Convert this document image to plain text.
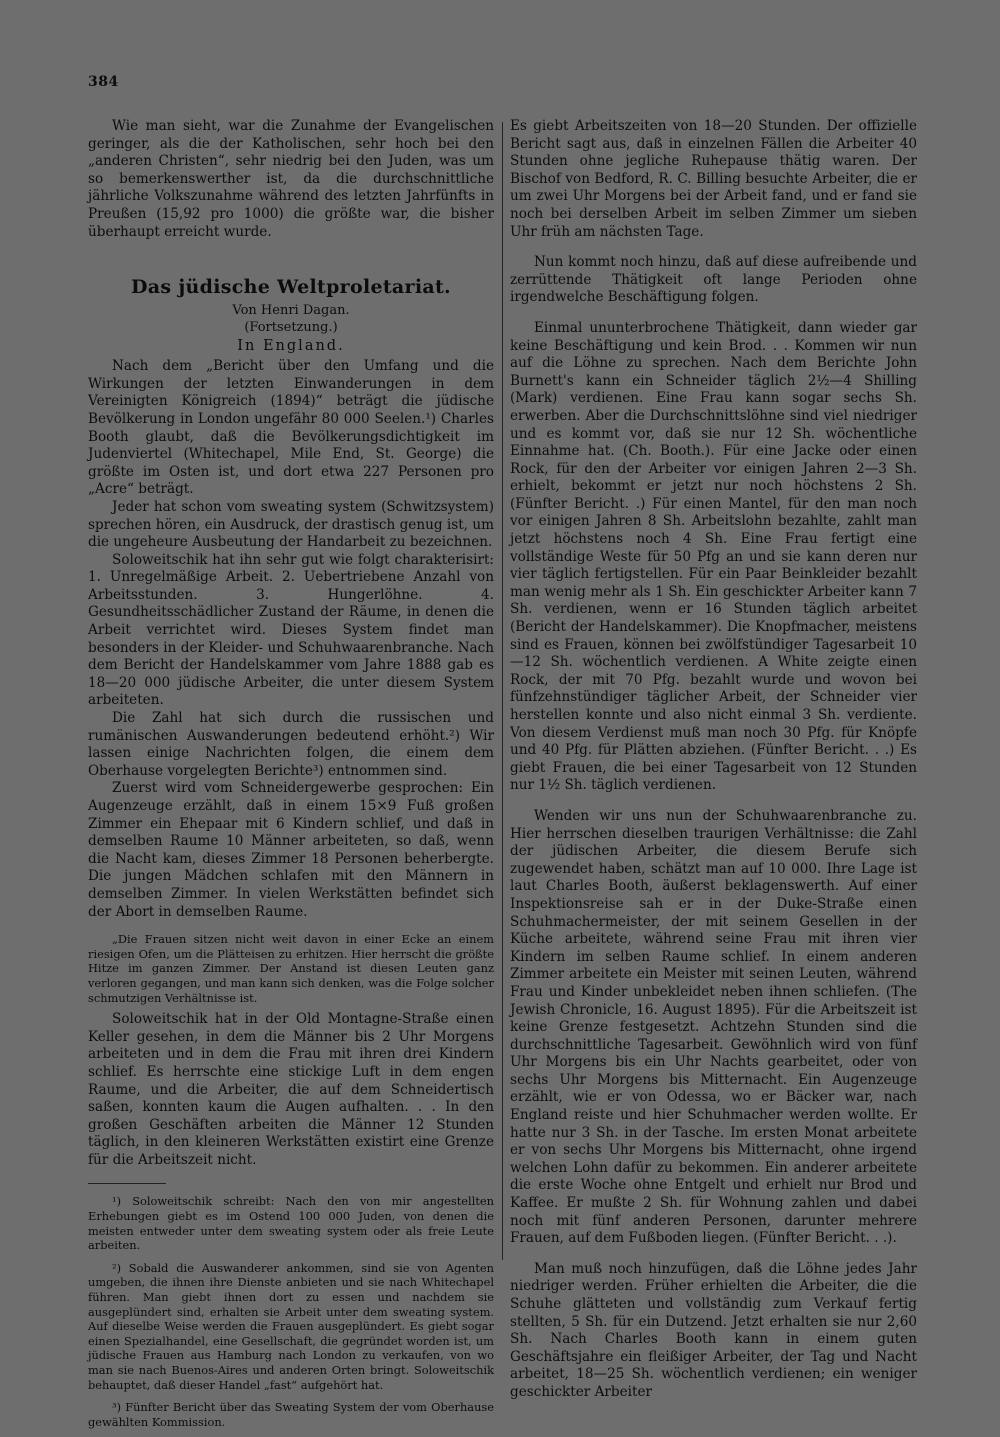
384

Wie man sieht, war die Zunahme der Evangelischen geringer, als die der Katholischen, sehr hoch bei den „anderen Christen“, sehr niedrig bei den Juden, was um so bemerkenswerther ist, da die durchschnittliche jährliche Volkszunahme während des letzten Jahrfünfts in Preußen (15,92 pro 1000) die größte war, die bisher überhaupt erreicht wurde.

Das jüdische Weltproletariat.
Von Henri Dagan.
(Fortsetzung.)
In England.

Nach dem „Bericht über den Umfang und die Wirkungen der letzten Einwanderungen in dem Vereinigten Königreich (1894)“ beträgt die jüdische Bevölkerung in London ungefähr 80 000 Seelen.¹) Charles Booth glaubt, daß die Bevölkerungsdichtigkeit im Judenviertel (Whitechapel, Mile End, St. George) die größte im Osten ist, und dort etwa 227 Personen pro „Acre“ beträgt.

Jeder hat schon vom sweating system (Schwitzsystem) sprechen hören, ein Ausdruck, der drastisch genug ist, um die ungeheure Ausbeutung der Handarbeit zu bezeichnen.

Soloweitschik hat ihn sehr gut wie folgt charakterisirt: 1. Unregelmäßige Arbeit. 2. Uebertriebene Anzahl von Arbeitsstunden. 3. Hungerlöhne. 4. Gesundheitsschädlicher Zustand der Räume, in denen die Arbeit verrichtet wird. Dieses System findet man besonders in der Kleider- und Schuhwaarenbranche. Nach dem Bericht der Handelskammer vom Jahre 1888 gab es 18—20 000 jüdische Arbeiter, die unter diesem System arbeiteten.

Die Zahl hat sich durch die russischen und rumänischen Auswanderungen bedeutend erhöht.²) Wir lassen einige Nachrichten folgen, die einem dem Oberhause vorgelegten Berichte³) entnommen sind.

Zuerst wird vom Schneidergewerbe gesprochen: Ein Augenzeuge erzählt, daß in einem 15×9 Fuß großen Zimmer ein Ehepaar mit 6 Kindern schlief, und daß in demselben Raume 10 Männer arbeiteten, so daß, wenn die Nacht kam, dieses Zimmer 18 Personen beherbergte. Die jungen Mädchen schlafen mit den Männern in demselben Zimmer. In vielen Werkstätten befindet sich der Abort in demselben Raume.

„Die Frauen sitzen nicht weit davon in einer Ecke an einem riesigen Ofen, um die Plätteisen zu erhitzen. Hier herrscht die größte Hitze im ganzen Zimmer. Der Anstand ist diesen Leuten ganz verloren gegangen, und man kann sich denken, was die Folge solcher schmutzigen Verhältnisse ist.

Soloweitschik hat in der Old Montagne-Straße einen Keller gesehen, in dem die Männer bis 2 Uhr Morgens arbeiteten und in dem die Frau mit ihren drei Kindern schlief. Es herrschte eine stickige Luft in dem engen Raume, und die Arbeiter, die auf dem Schneidertisch saßen, konnten kaum die Augen aufhalten. . . In den großen Geschäften arbeiten die Männer 12 Stunden täglich, in den kleineren Werkstätten existirt eine Grenze für die Arbeitszeit nicht.

¹) Soloweitschik schreibt: Nach den von mir angestellten Erhebungen giebt es im Ostend 100 000 Juden, von denen die meisten entweder unter dem sweating system oder als freie Leute arbeiten.

²) Sobald die Auswanderer ankommen, sind sie von Agenten umgeben, die ihnen ihre Dienste anbieten und sie nach Whitechapel führen. Man giebt ihnen dort zu essen und nachdem sie ausgeplündert sind, erhalten sie Arbeit unter dem sweating system. Auf dieselbe Weise werden die Frauen ausgeplündert. Es giebt sogar einen Spezialhandel, eine Gesellschaft, die gegründet worden ist, um jüdische Frauen aus Hamburg nach London zu verkaufen, von wo man sie nach Buenos-Aires und anderen Orten bringt. Soloweitschik behauptet, daß dieser Handel „fast“ aufgehört hat.

³) Fünfter Bericht über das Sweating System der vom Oberhause gewählten Kommission.

Es giebt Arbeitszeiten von 18—20 Stunden. Der offizielle Bericht sagt aus, daß in einzelnen Fällen die Arbeiter 40 Stunden ohne jegliche Ruhepause thätig waren. Der Bischof von Bedford, R. C. Billing besuchte Arbeiter, die er um zwei Uhr Morgens bei der Arbeit fand, und er fand sie noch bei derselben Arbeit im selben Zimmer um sieben Uhr früh am nächsten Tage.

Nun kommt noch hinzu, daß auf diese aufreibende und zerrüttende Thätigkeit oft lange Perioden ohne irgendwelche Beschäftigung folgen.

Einmal ununterbrochene Thätigkeit, dann wieder gar keine Beschäftigung und kein Brod. . . Kommen wir nun auf die Löhne zu sprechen. Nach dem Berichte John Burnett's kann ein Schneider täglich 2½—4 Shilling (Mark) verdienen. Eine Frau kann sogar sechs Sh. erwerben. Aber die Durchschnittslöhne sind viel niedriger und es kommt vor, daß sie nur 12 Sh. wöchentliche Einnahme hat. (Ch. Booth.). Für eine Jacke oder einen Rock, für den der Arbeiter vor einigen Jahren 2—3 Sh. erhielt, bekommt er jetzt nur noch höchstens 2 Sh. (Fünfter Bericht. .) Für einen Mantel, für den man noch vor einigen Jahren 8 Sh. Arbeitslohn bezahlte, zahlt man jetzt höchstens noch 4 Sh. Eine Frau fertigt eine vollständige Weste für 50 Pfg an und sie kann deren nur vier täglich fertigstellen. Für ein Paar Beinkleider bezahlt man wenig mehr als 1 Sh. Ein geschickter Arbeiter kann 7 Sh. verdienen, wenn er 16 Stunden täglich arbeitet (Bericht der Handelskammer). Die Knopfmacher, meistens sind es Frauen, können bei zwölfstündiger Tagesarbeit 10—12 Sh. wöchentlich verdienen. A White zeigte einen Rock, der mit 70 Pfg. bezahlt wurde und wovon bei fünfzehnstündiger täglicher Arbeit, der Schneider vier herstellen konnte und also nicht einmal 3 Sh. verdiente. Von diesem Verdienst muß man noch 30 Pfg. für Knöpfe und 40 Pfg. für Plätten abziehen. (Fünfter Bericht. . .) Es giebt Frauen, die bei einer Tagesarbeit von 12 Stunden nur 1½ Sh. täglich verdienen.

Wenden wir uns nun der Schuhwaarenbranche zu. Hier herrschen dieselben traurigen Verhältnisse: die Zahl der jüdischen Arbeiter, die diesem Berufe sich zugewendet haben, schätzt man auf 10 000. Ihre Lage ist laut Charles Booth, äußerst beklagenswerth. Auf einer Inspektionsreise sah er in der Duke-Straße einen Schuhmachermeister, der mit seinem Gesellen in der Küche arbeitete, während seine Frau mit ihren vier Kindern im selben Raume schlief. In einem anderen Zimmer arbeitete ein Meister mit seinen Leuten, während Frau und Kinder unbekleidet neben ihnen schliefen. (The Jewish Chronicle, 16. August 1895). Für die Arbeitszeit ist keine Grenze festgesetzt. Achtzehn Stunden sind die durchschnittliche Tagesarbeit. Gewöhnlich wird von fünf Uhr Morgens bis ein Uhr Nachts gearbeitet, oder von sechs Uhr Morgens bis Mitternacht. Ein Augenzeuge erzählt, wie er von Odessa, wo er Bäcker war, nach England reiste und hier Schuhmacher werden wollte. Er hatte nur 3 Sh. in der Tasche. Im ersten Monat arbeitete er von sechs Uhr Morgens bis Mitternacht, ohne irgend welchen Lohn dafür zu bekommen. Ein anderer arbeitete die erste Woche ohne Entgelt und erhielt nur Brod und Kaffee. Er mußte 2 Sh. für Wohnung zahlen und dabei noch mit fünf anderen Personen, darunter mehrere Frauen, auf dem Fußboden liegen. (Fünfter Bericht. . .).

Man muß noch hinzufügen, daß die Löhne jedes Jahr niedriger werden. Früher erhielten die Arbeiter, die die Schuhe glätteten und vollständig zum Verkauf fertig stellten, 5 Sh. für ein Dutzend. Jetzt erhalten sie nur 2,60 Sh. Nach Charles Booth kann in einem guten Geschäftsjahre ein fleißiger Arbeiter, der Tag und Nacht arbeitet, 18—25 Sh. wöchentlich verdienen; ein weniger geschickter Arbeiter
